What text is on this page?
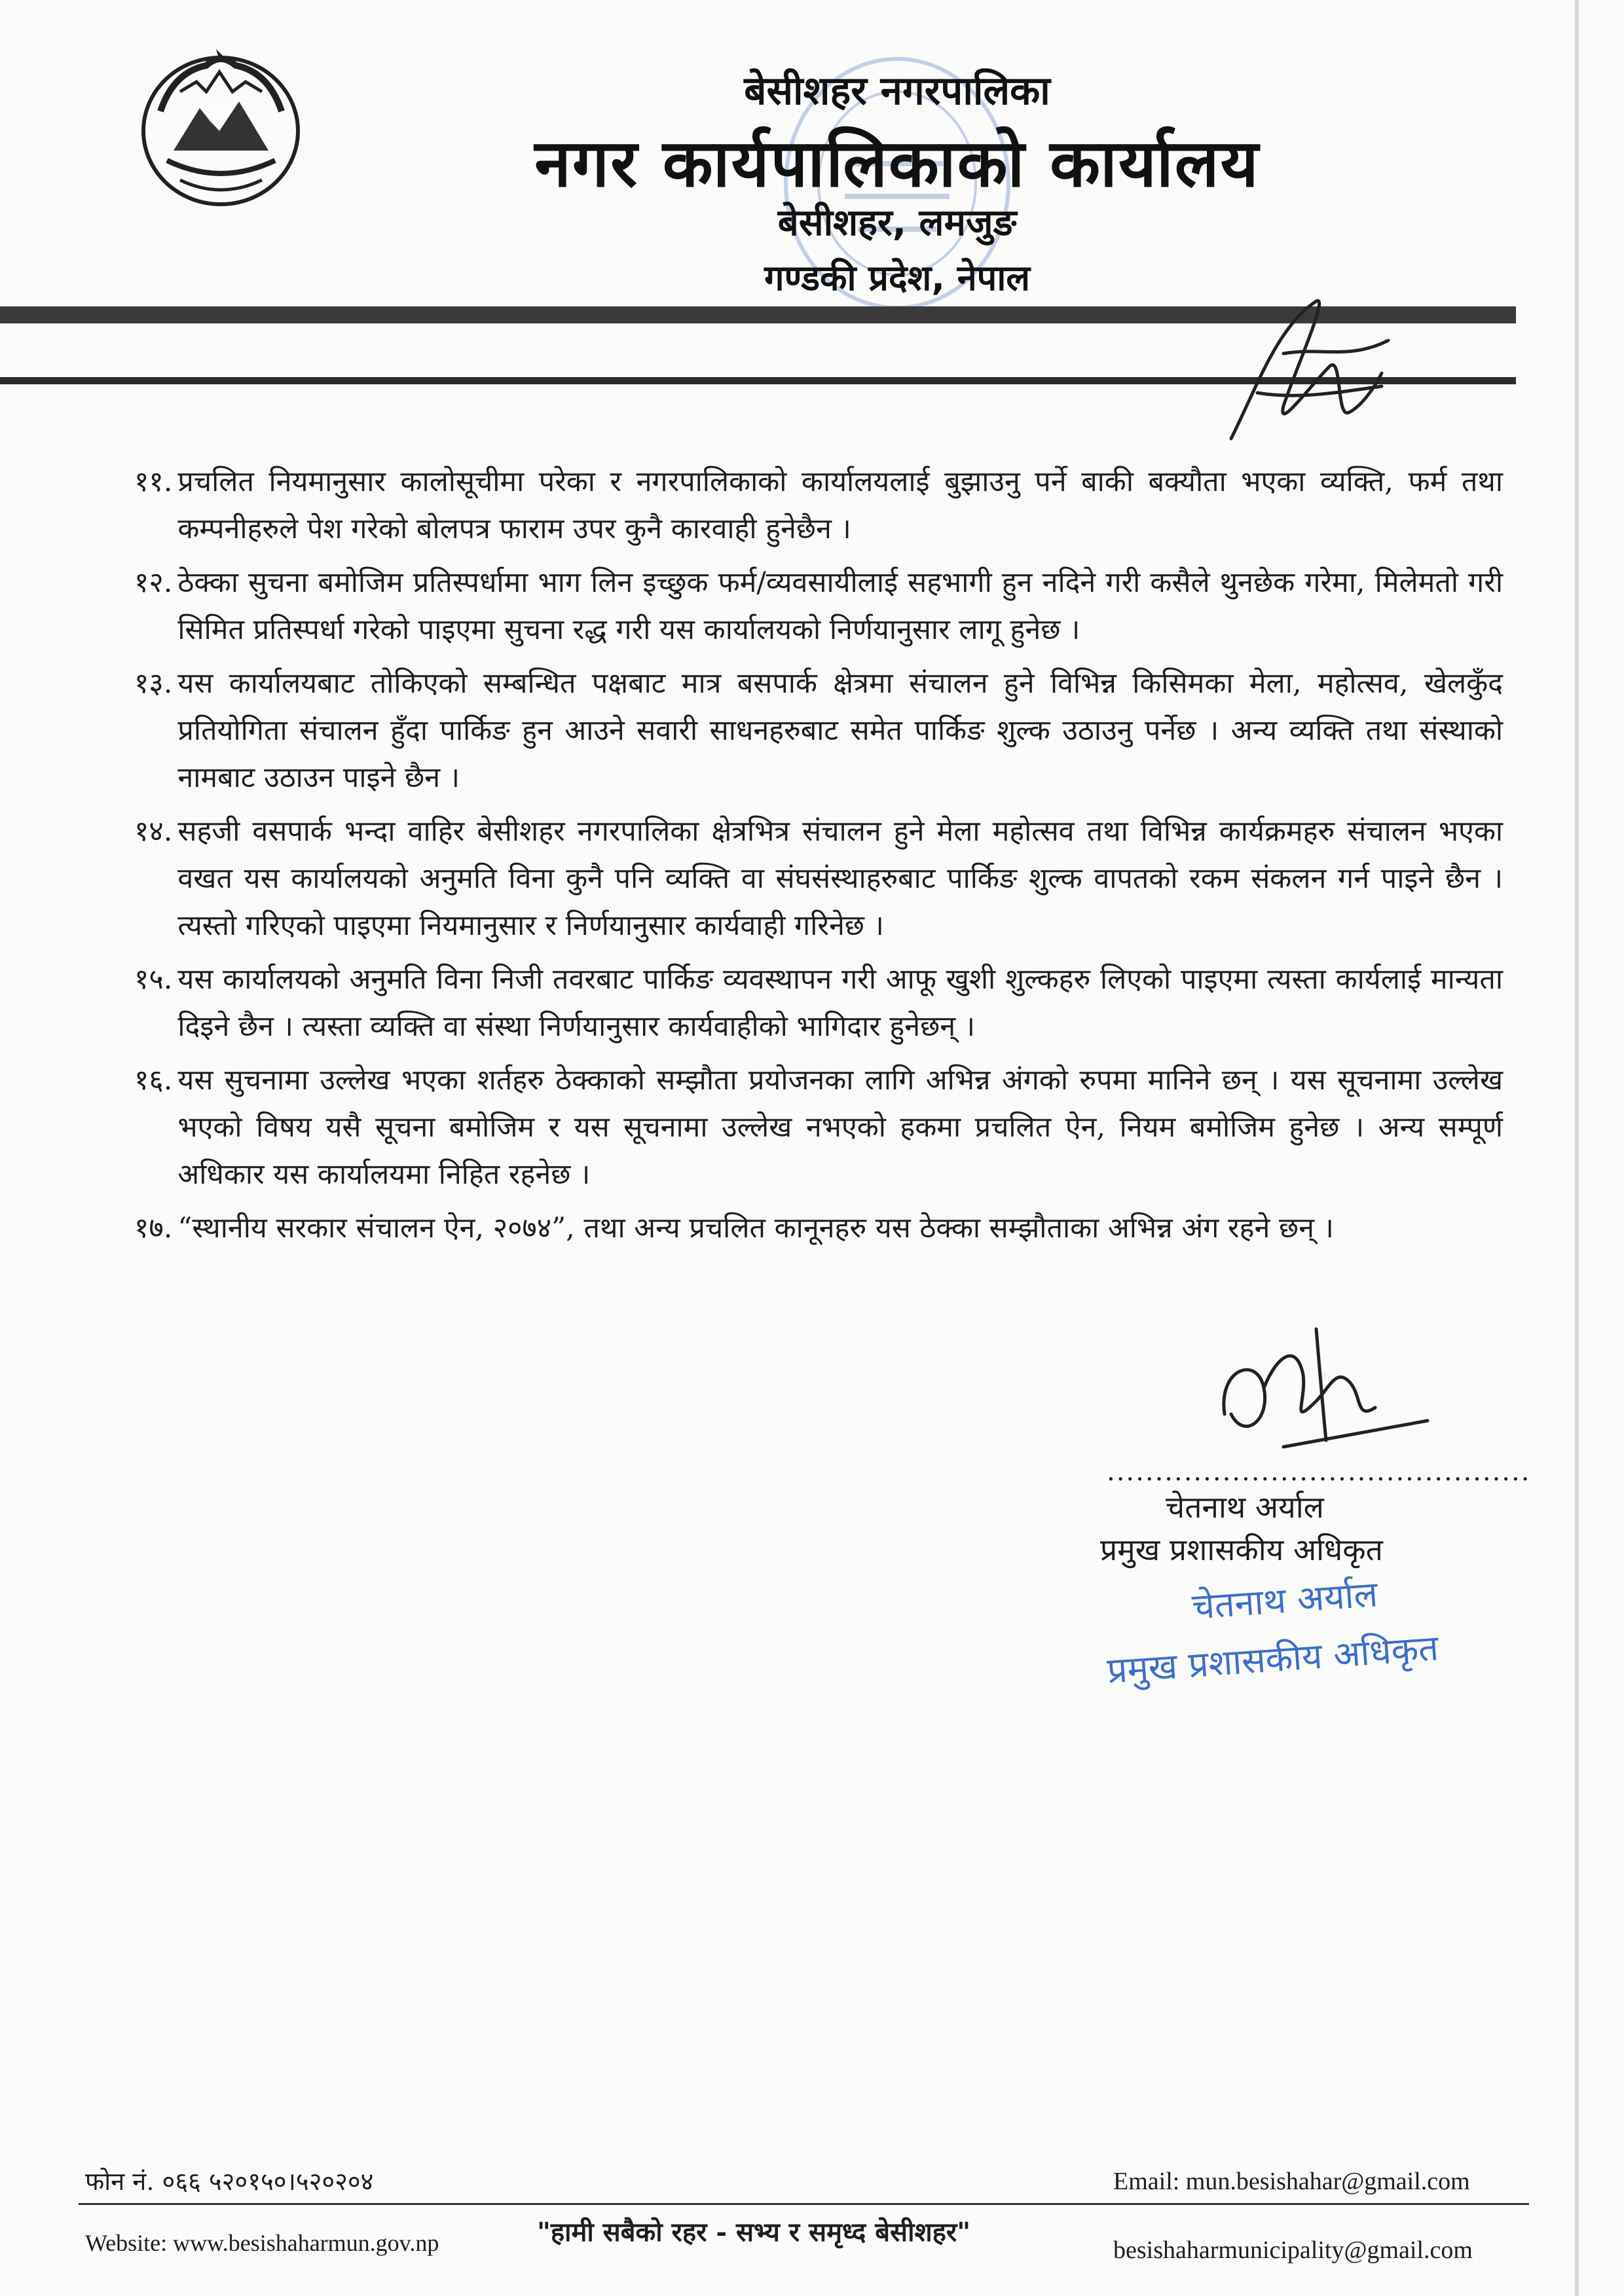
बेसीशहर नगरपालिका
नगर कार्यपालिकाको कार्यालय
बेसीशहर, लमजुङ
गण्डकी प्रदेश, नेपाल
११. प्रचलित नियमानुसार कालोसूचीमा परेका र नगरपालिकाको कार्यालयलाई बुझाउनु पर्ने बाकी बक्यौता भएका व्यक्ति, फर्म तथा कम्पनीहरुले पेश गरेको बोलपत्र फाराम उपर कुनै कारवाही हुनेछैन ।
१२. ठेक्का सुचना बमोजिम प्रतिस्पर्धामा भाग लिन इच्छुक फर्म/व्यवसायीलाई सहभागी हुन नदिने गरी कसैले थुनछेक गरेमा, मिलेमतो गरी सिमित प्रतिस्पर्धा गरेको पाइएमा सुचना रद्ध गरी यस कार्यालयको निर्णयानुसार लागू हुनेछ ।
१३. यस कार्यालयबाट तोकिएको सम्बन्धित पक्षबाट मात्र बसपार्क क्षेत्रमा संचालन हुने विभिन्न किसिमका मेला, महोत्सव, खेलकुँद प्रतियोगिता संचालन हुँदा पार्किङ हुन आउने सवारी साधनहरुबाट समेत पार्किङ शुल्क उठाउनु पर्नेछ । अन्य व्यक्ति तथा संस्थाको नामबाट उठाउन पाइने छैन ।
१४. सहजी वसपार्क भन्दा वाहिर बेसीशहर नगरपालिका क्षेत्रभित्र संचालन हुने मेला महोत्सव तथा विभिन्न कार्यक्रमहरु संचालन भएका वखत यस कार्यालयको अनुमति विना कुनै पनि व्यक्ति वा संघसंस्थाहरुबाट पार्किङ शुल्क वापतको रकम संकलन गर्न पाइने छैन । त्यस्तो गरिएको पाइएमा नियमानुसार र निर्णयानुसार कार्यवाही गरिनेछ ।
१५. यस कार्यालयको अनुमति विना निजी तवरबाट पार्किङ व्यवस्थापन गरी आफू खुशी शुल्कहरु लिएको पाइएमा त्यस्ता कार्यलाई मान्यता दिइने छैन । त्यस्ता व्यक्ति वा संस्था निर्णयानुसार कार्यवाहीको भागिदार हुनेछन् ।
१६. यस सुचनामा उल्लेख भएका शर्तहरु ठेक्काको सम्झौता प्रयोजनका लागि अभिन्न अंगको रुपमा मानिने छन् । यस सूचनामा उल्लेख भएको विषय यसै सूचना बमोजिम र यस सूचनामा उल्लेख नभएको हकमा प्रचलित ऐन, नियम बमोजिम हुनेछ । अन्य सम्पूर्ण अधिकार यस कार्यालयमा निहित रहनेछ ।
१७. “स्थानीय सरकार संचालन ऐन, २०७४”, तथा अन्य प्रचलित कानूनहरु यस ठेक्का सम्झौताका अभिन्न अंग रहने छन् ।
............................................
चेतनाथ अर्याल
प्रमुख प्रशासकीय अधिकृत
चेतनाथ अर्याल
प्रमुख प्रशासकीय अधिकृत
फोन नं. ०६६ ५२०१५०।५२०२०४
Website: www.besishaharmun.gov.np	"हामी सबैको रहर - सभ्य र समृध्द बेसीशहर"
Email: mun.besishahar@gmail.com
besishaharmunicipality@gmail.com
